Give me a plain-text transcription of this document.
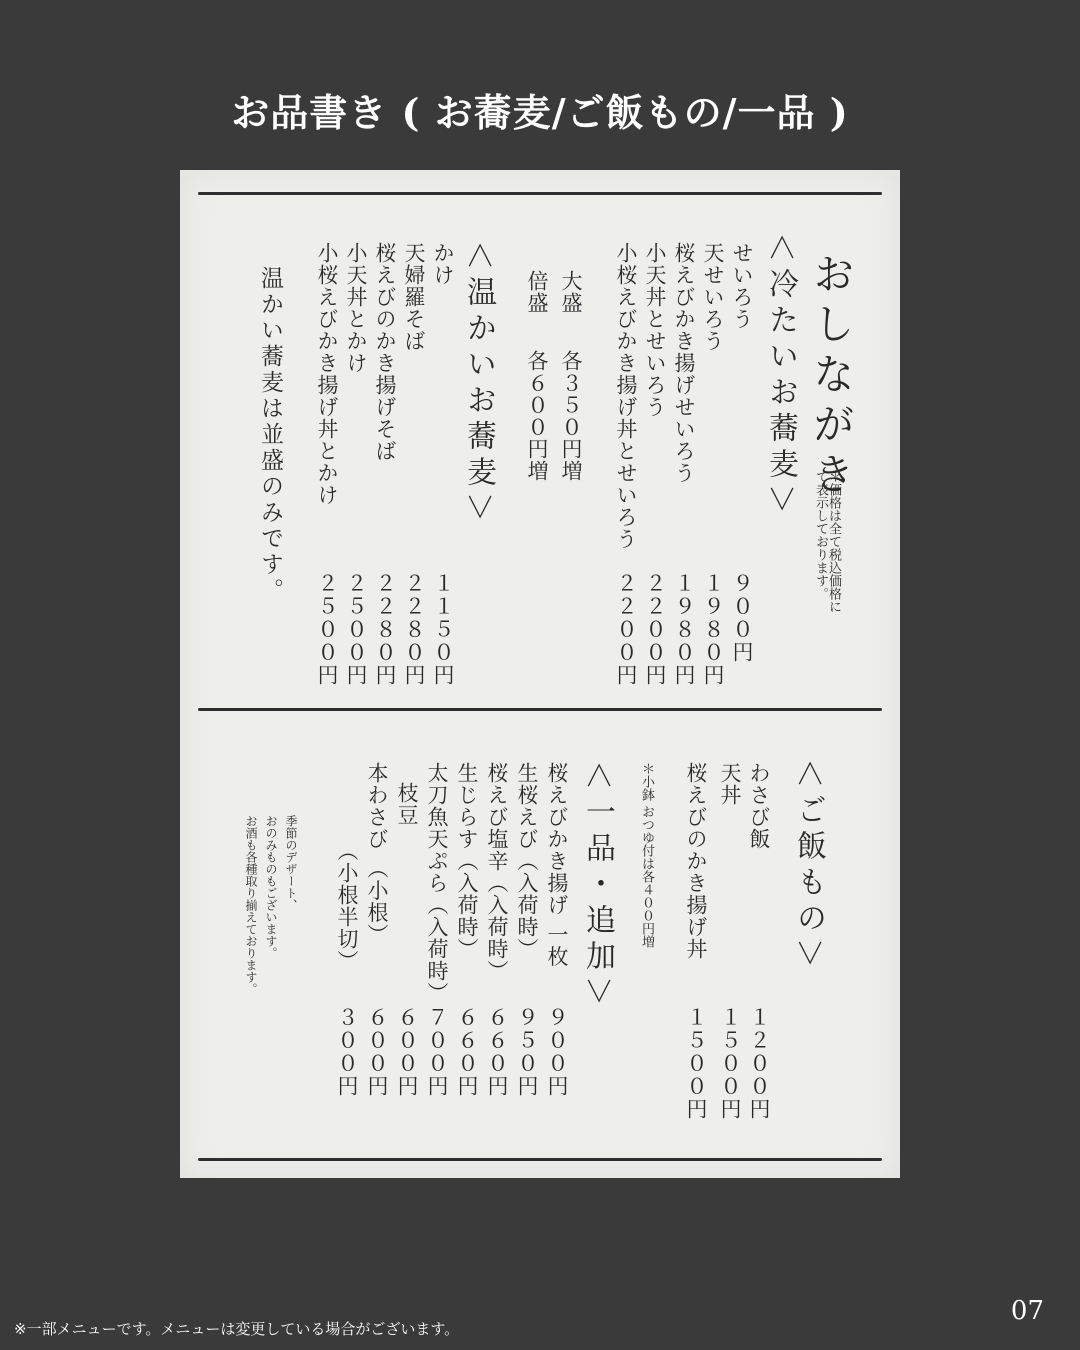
お品書き ( お蕎麦/ご飯もの/一品 )
おしながき
＊価格は全て税込価格にて表示しております。
＜冷たいお蕎麦＞
せいろう
９００円
天せいろう
１９８０円
桜えびかき揚げせいろう
１９８０円
小天丼とせいろう
２２００円
小桜えびかき揚げ丼とせいろう
２２００円
大盛
各３５０円増
倍盛
各６００円増
＜温かいお蕎麦＞
かけ
１１５０円
天婦羅そば
２２８０円
桜えびのかき揚げそば
２２８０円
小天丼とかけ
２５００円
小桜えびかき揚げ丼とかけ
２５００円
温かい蕎麦は並盛のみです。
＜ご飯もの＞
わさび飯
１２００円
天丼
１５００円
桜えびのかき揚げ丼
１５００円
＊小鉢 おつゆ付は各４００円増
＜一品・追加＞
桜えびかき揚げ 一枚
９００円
生桜えび（入荷時）
９５０円
桜えび塩辛（入荷時）
６６０円
生じらす（入荷時）
６６０円
太刀魚天ぷら（入荷時）
７００円
枝豆
６００円
本わさび （小根）
６００円
（小根半切）
３００円
季節のデザート、
おのみものもございます。
お酒も各種取り揃えております。
※一部メニューです。メニューは変更している場合がございます。
07
